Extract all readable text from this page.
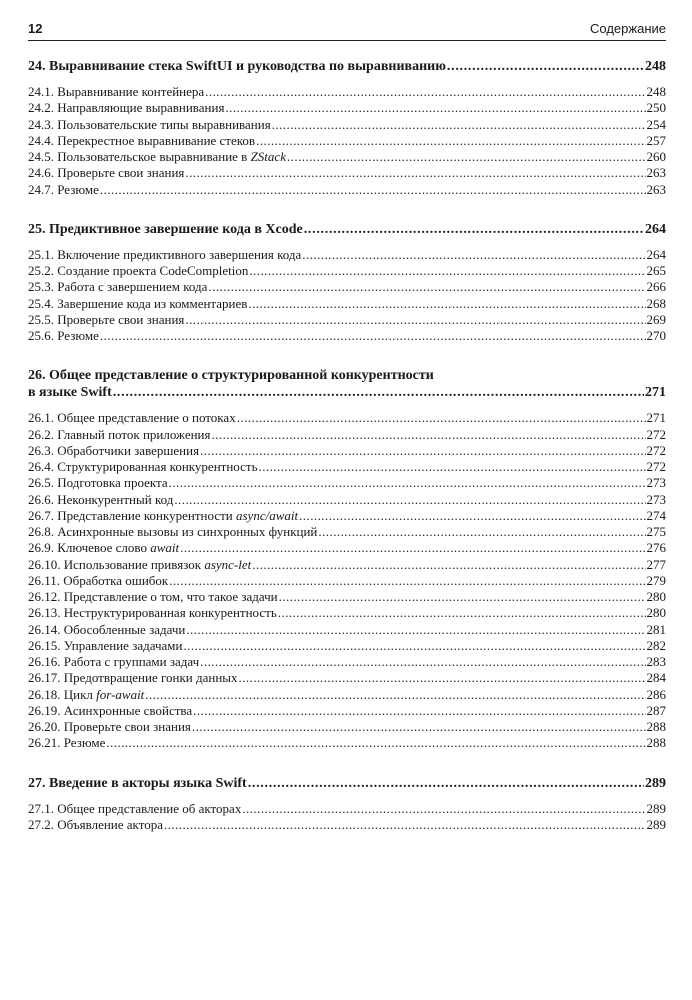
12	Содержание
24. Выравнивание стека SwiftUI и руководства по выравниванию . . .	248
24.1. Выравнивание контейнера . . .	248
24.2. Направляющие выравнивания . . .	250
24.3. Пользовательские типы выравнивания . . .	254
24.4. Перекрестное выравнивание стеков . . .	257
24.5. Пользовательское выравнивание в ZStack . . .	260
24.6. Проверьте свои знания . . .	263
24.7. Резюме . . .	263
25. Предиктивное завершение кода в Xcode . . .	264
25.1. Включение предиктивного завершения кода . . .	264
25.2. Создание проекта CodeCompletion . . .	265
25.3. Работа с завершением кода . . .	266
25.4. Завершение кода из комментариев . . .	268
25.5. Проверьте свои знания . . .	269
25.6. Резюме . . .	270
26. Общее представление о структурированной конкурентности
в языке Swift . . .	271
26.1. Общее представление о потоках . . .	271
26.2. Главный поток приложения . . .	272
26.3. Обработчики завершения . . .	272
26.4. Структурированная конкурентность . . .	272
26.5. Подготовка проекта . . .	273
26.6. Неконкурентный код . . .	273
26.7. Представление конкурентности async/await . . .	274
26.8. Асинхронные вызовы из синхронных функций . . .	275
26.9. Ключевое слово await . . .	276
26.10. Использование привязок async-let . . .	277
26.11. Обработка ошибок . . .	279
26.12. Представление о том, что такое задачи . . .	280
26.13. Неструктурированная конкурентность . . .	280
26.14. Обособленные задачи . . .	281
26.15. Управление задачами . . .	282
26.16. Работа с группами задач . . .	283
26.17. Предотвращение гонки данных . . .	284
26.18. Цикл for-await . . .	286
26.19. Асинхронные свойства . . .	287
26.20. Проверьте свои знания . . .	288
26.21. Резюме . . .	288
27. Введение в акторы языка Swift . . .	289
27.1. Общее представление об акторах . . .	289
27.2. Объявление актора . . .	289
